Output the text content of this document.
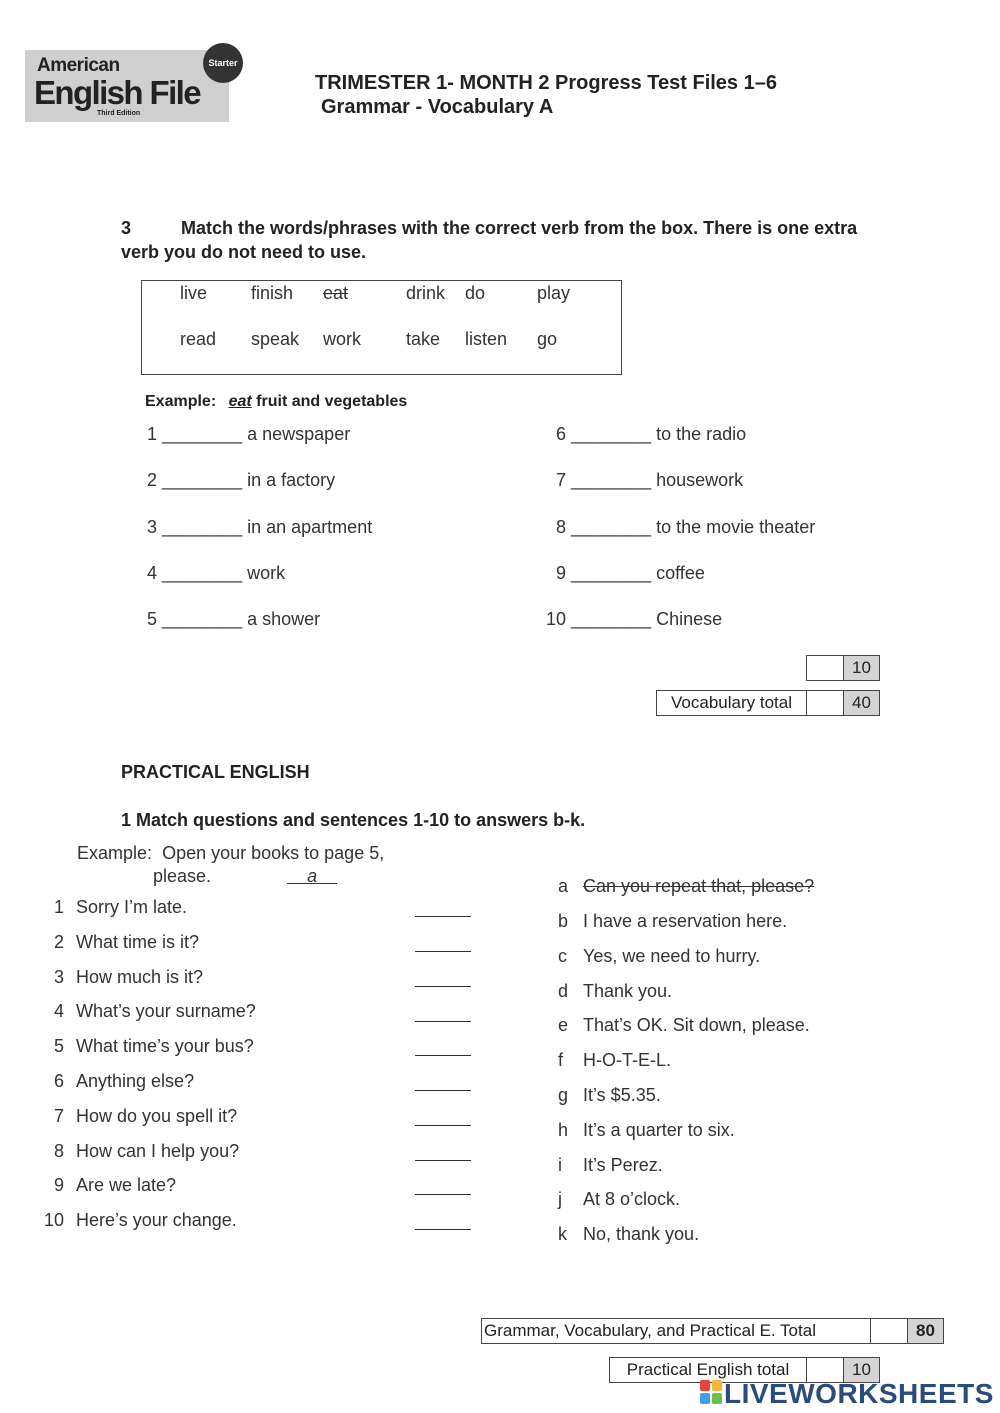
American
English File
Third Edition
Starter
TRIMESTER 1- MONTH 2 Progress Test Files 1–6
Grammar - Vocabulary A
3	Match the words/phrases with the correct verb from the box. There is one extra verb you do not need to use.
live finish eat	drink do	play
read speak work take listen go
Example: eat fruit and vegetables
1 ________ a newspaper
2 ________ in a factory
3 ________ in an apartment
4 ________ work
5 ________ a shower
6 ________ to the radio
7 ________ housework
8 ________ to the movie theater
9 ________ coffee
10 ________ Chinese
10
Vocabulary total	40
PRACTICAL ENGLISH
1 Match questions and sentences 1-10 to answers b-k.
Example: Open your books to page 5,
please.	a
1 Sorry I’m late.
2 What time is it?
3 How much is it?
4 What’s your surname?
5 What time’s your bus?
6 Anything else?
7 How do you spell it?
8 How can I help you?
9 Are we late?
10 Here’s your change.
a Can you repeat that, please?
b I have a reservation here.
c Yes, we need to hurry.
d Thank you.
e That’s OK. Sit down, please.
f H-O-T-E-L.
g It’s $5.35.
h It’s a quarter to six.
i It’s Perez.
j At 8 o’clock.
k No, thank you.
Grammar, Vocabulary, and Practical E. Total	80
Practical English total	10
LIVEWORKSHEETS
